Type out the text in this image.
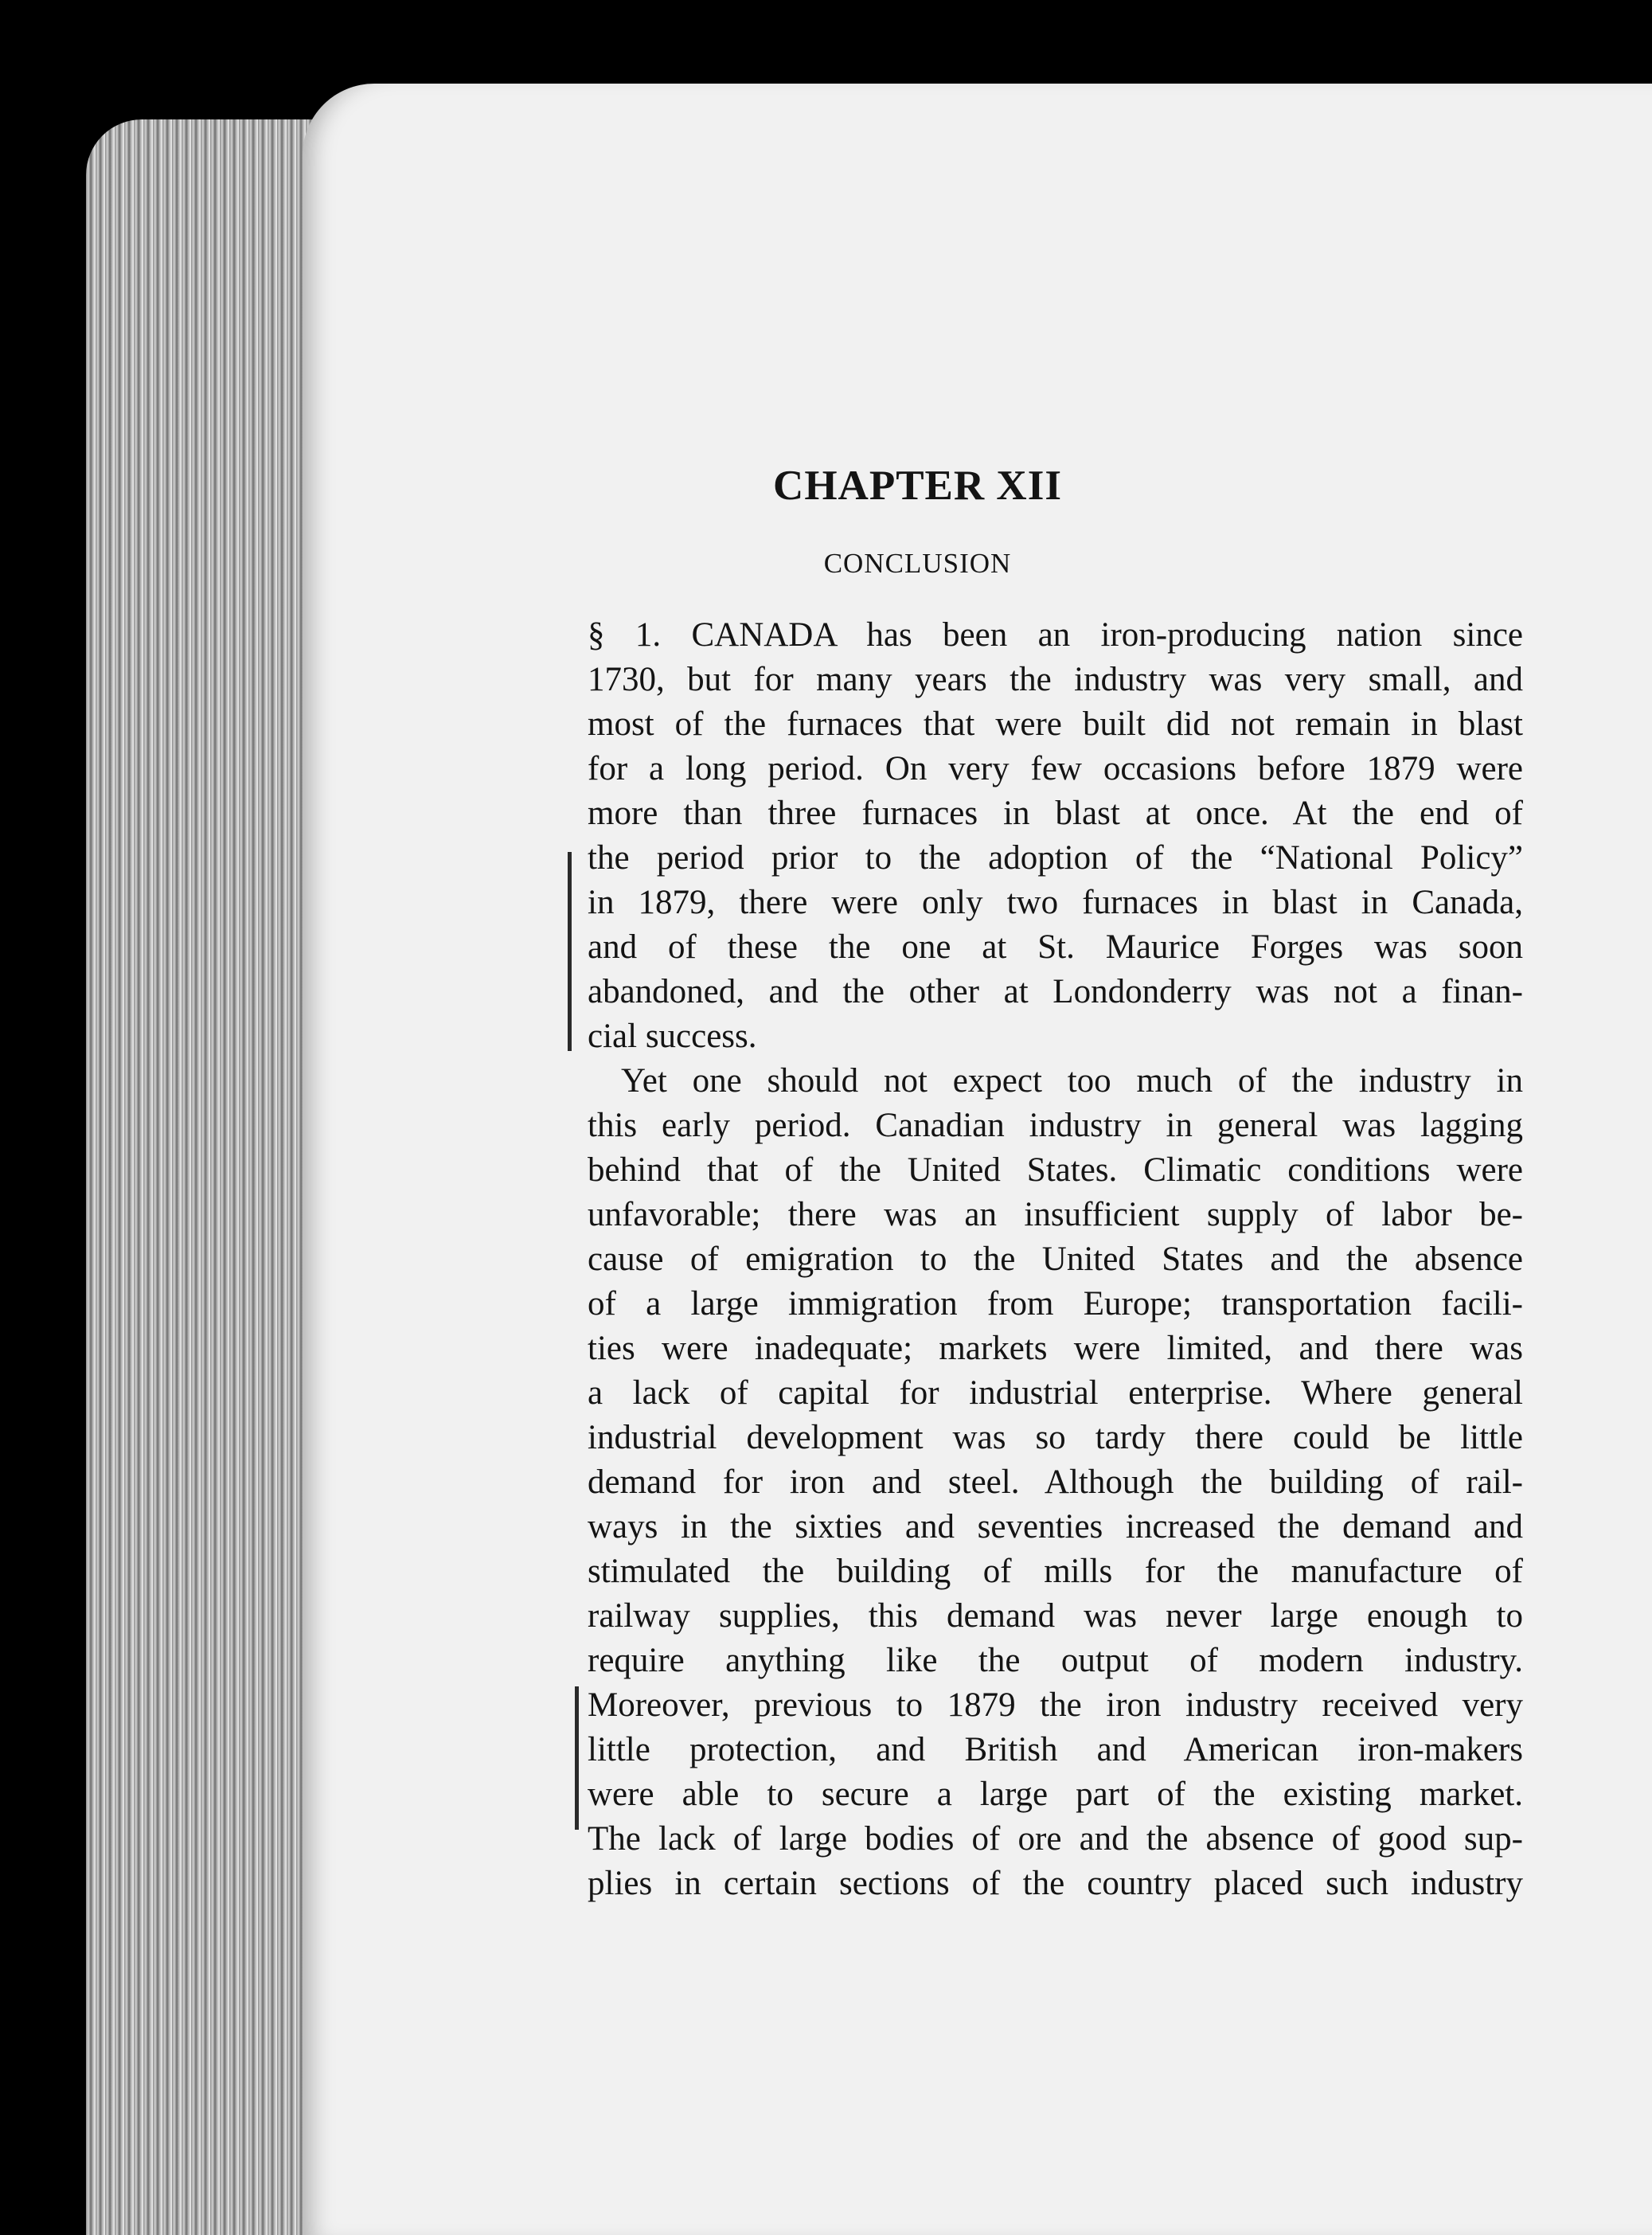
CHAPTER XII
CONCLUSION
§ 1. CANADA has been an iron-producing nation since
1730, but for many years the industry was very small, and
most of the furnaces that were built did not remain in blast
for a long period. On very few occasions before 1879 were
more than three furnaces in blast at once. At the end of
the period prior to the adoption of the “National Policy”
in 1879, there were only two furnaces in blast in Canada,
and of these the one at St. Maurice Forges was soon
abandoned, and the other at Londonderry was not a finan-
cial success.
Yet one should not expect too much of the industry in
this early period. Canadian industry in general was lagging
behind that of the United States. Climatic conditions were
unfavorable; there was an insufficient supply of labor be-
cause of emigration to the United States and the absence
of a large immigration from Europe; transportation facili-
ties were inadequate; markets were limited, and there was
a lack of capital for industrial enterprise. Where general
industrial development was so tardy there could be little
demand for iron and steel. Although the building of rail-
ways in the sixties and seventies increased the demand and
stimulated the building of mills for the manufacture of
railway supplies, this demand was never large enough to
require anything like the output of modern industry.
Moreover, previous to 1879 the iron industry received very
little protection, and British and American iron-makers
were able to secure a large part of the existing market.
The lack of large bodies of ore and the absence of good sup-
plies in certain sections of the country placed such industry
